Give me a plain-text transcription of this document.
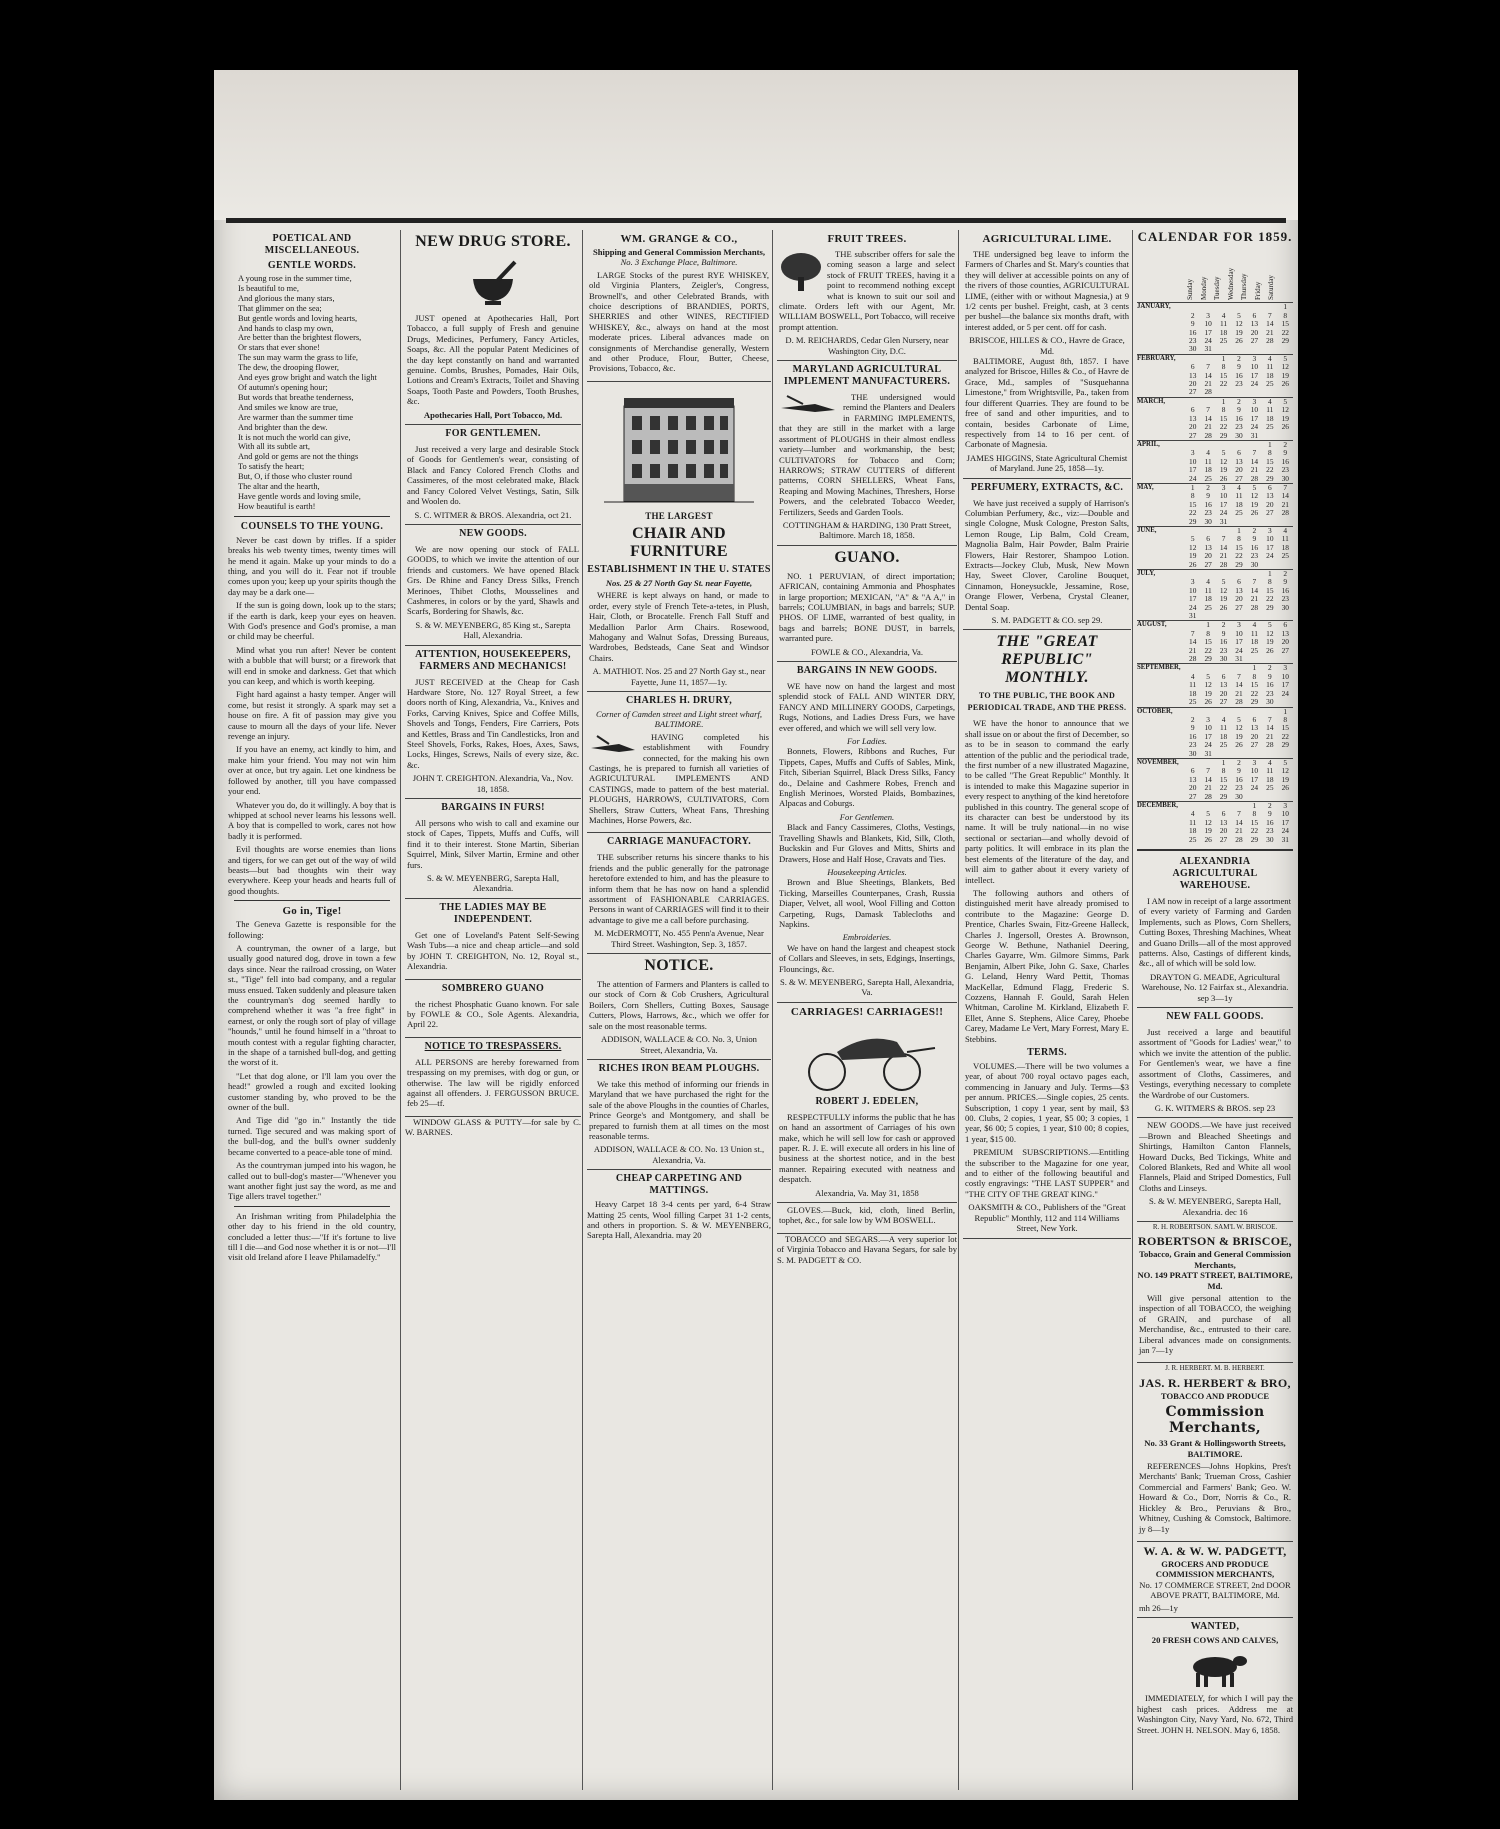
POETICAL AND MISCELLANEOUS.
GENTLE WORDS.
A young rose in the summer time,
Is beautiful to me,
And glorious the many stars,
That glimmer on the sea;
But gentle words and loving hearts,
And hands to clasp my own,
Are better than the brightest flowers,
Or stars that ever shone!
The sun may warm the grass to life,
The dew, the drooping flower,
And eyes grow bright and watch the light
Of autumn's opening hour;
But words that breathe tenderness,
And smiles we know are true,
Are warmer than the summer time
And brighter than the dew.
It is not much the world can give,
With all its subtle art,
And gold or gems are not the things
To satisfy the heart;
But, O, if those who cluster round
The altar and the hearth,
Have gentle words and loving smile,
How beautiful is earth!
COUNSELS TO THE YOUNG.

Never be cast down by trifles. If a spider breaks his web twenty times, twenty times will he mend it again. Make up your minds to do a thing, and you will do it. Fear not if trouble comes upon you; keep up your spirits though the day may be a dark one—

If the sun is going down, look up to the stars; if the earth is dark, keep your eyes on heaven. With God's presence and God's promise, a man or child may be cheerful.

Mind what you run after! Never be content with a bubble that will burst; or a firework that will end in smoke and darkness. Get that which you can keep, and which is worth keeping.

Fight hard against a hasty temper. Anger will come, but resist it strongly. A spark may set a house on fire. A fit of passion may give you cause to mourn all the days of your life. Never revenge an injury.

If you have an enemy, act kindly to him, and make him your friend. You may not win him over at once, but try again. Let one kindness be followed by another, till you have compassed your end.

Whatever you do, do it willingly. A boy that is whipped at school never learns his lessons well. A boy that is compelled to work, cares not how badly it is performed.

Evil thoughts are worse enemies than lions and tigers, for we can get out of the way of wild beasts—but bad thoughts win their way everywhere. Keep your heads and hearts full of good thoughts.

Go in, Tige!

The Geneva Gazette is responsible for the following:

A countryman, the owner of a large, but usually good natured dog, drove in town a few days since. Near the railroad crossing, on Water st., "Tige" fell into bad company, and a regular muss ensued. Taken suddenly and pleasure taken the countryman's dog seemed hardly to comprehend whether it was "a free fight" in earnest, or only the rough sort of play of village "hounds," until he found himself in a "throat to mouth contest with a regular fighting character, in the shape of a tarnished bull-dog, and getting the worst of it.

"Let that dog alone, or I'll lam you over the head!" growled a rough and excited looking customer standing by, who proved to be the owner of the bull.

And Tige did "go in." Instantly the tide turned. Tige secured and was making sport of the bull-dog, and the bull's owner suddenly became converted to a peace-able tone of mind.

As the countryman jumped into his wagon, he called out to bull-dog's master—"Whenever you want another fight just say the word, as me and Tige allers travel together."

An Irishman writing from Philadelphia the other day to his friend in the old country, concluded a letter thus:—"If it's fortune to live till I die—and God nose whether it is or not—I'll visit old Ireland afore I leave Philamadelfy."

NEW DRUG STORE.

JUST opened at Apothecaries Hall, Port Tobacco, a full supply of Fresh and genuine Drugs, Medicines, Perfumery, Fancy Articles, Soaps, &c. All the popular Patent Medicines of the day kept constantly on hand and warranted genuine. Combs, Brushes, Pomades, Hair Oils, Lotions and Cream's Extracts, Toilet and Shaving Soaps, Tooth Paste and Powders, Tooth Brushes, &c.

Apothecaries Hall, Port Tobacco, Md.
FOR GENTLEMEN.

Just received a very large and desirable Stock of Goods for Gentlemen's wear, consisting of Black and Fancy Colored French Cloths and Cassimeres, of the most celebrated make, Black and Fancy Colored Velvet Vestings, Satin, Silk and Woolen do.

S. C. WITMER & BROS. Alexandria, oct 21.
NEW GOODS.

We are now opening our stock of FALL GOODS, to which we invite the attention of our friends and customers. We have opened Black Grs. De Rhine and Fancy Dress Silks, French Merinoes, Thibet Cloths, Mousselines and Cashmeres, in colors or by the yard, Shawls and Scarfs, Bordering for Shawls, &c.

S. & W. MEYENBERG, 85 King st., Sarepta Hall, Alexandria.
ATTENTION, HOUSEKEEPERS, FARMERS AND MECHANICS!

JUST RECEIVED at the Cheap for Cash Hardware Store, No. 127 Royal Street, a few doors north of King, Alexandria, Va., Knives and Forks, Carving Knives, Spice and Coffee Mills, Shovels and Tongs, Fenders, Fire Carriers, Pots and Kettles, Brass and Tin Candlesticks, Iron and Steel Shovels, Forks, Rakes, Hoes, Axes, Saws, Locks, Hinges, Screws, Nails of every size, &c. &c.

JOHN T. CREIGHTON. Alexandria, Va., Nov. 18, 1858.
BARGAINS IN FURS!

All persons who wish to call and examine our stock of Capes, Tippets, Muffs and Cuffs, will find it to their interest. Stone Martin, Siberian Squirrel, Mink, Silver Martin, Ermine and other furs.

S. & W. MEYENBERG, Sarepta Hall, Alexandria.
THE LADIES MAY BE INDEPENDENT.

Get one of Loveland's Patent Self-Sewing Wash Tubs—a nice and cheap article—and sold by JOHN T. CREIGHTON, No. 12, Royal st., Alexandria.

SOMBRERO GUANO

the richest Phosphatic Guano known. For sale by FOWLE & CO., Sole Agents. Alexandria, April 22.

NOTICE TO TRESPASSERS.

ALL PERSONS are hereby forewarned from trespassing on my premises, with dog or gun, or otherwise. The law will be rigidly enforced against all offenders. J. FERGUSSON BRUCE. feb 25—tf.

WINDOW GLASS & PUTTY—for sale by C. W. BARNES.

WM. GRANGE & CO.,
Shipping and General Commission Merchants,
No. 3 Exchange Place, Baltimore.

LARGE Stocks of the purest RYE WHISKEY, old Virginia Planters, Zeigler's, Congress, Brownell's, and other Celebrated Brands, with choice descriptions of BRANDIES, PORTS, SHERRIES and other WINES, RECTIFIED WHISKEY, &c., always on hand at the most moderate prices. Liberal advances made on consignments of Merchandise generally, Western and other Produce, Flour, Butter, Cheese, Provisions, Tobacco, &c.

THE LARGEST
CHAIR AND FURNITURE
ESTABLISHMENT IN THE U. STATES
Nos. 25 & 27 North Gay St. near Fayette,

WHERE is kept always on hand, or made to order, every style of French Tete-a-tetes, in Plush, Hair, Cloth, or Brocatelle. French Fall Stuff and Medallion Parlor Arm Chairs. Rosewood, Mahogany and Walnut Sofas, Dressing Bureaus, Wardrobes, Bedsteads, Cane Seat and Windsor Chairs.

A. MATHIOT. Nos. 25 and 27 North Gay st., near Fayette, June 11, 1857—1y.
CHARLES H. DRURY,
Corner of Camden street and Light street wharf, BALTIMORE.

HAVING completed his establishment with Foundry connected, for the making his own Castings, he is prepared to furnish all varieties of AGRICULTURAL IMPLEMENTS AND CASTINGS, made to pattern of the best material. PLOUGHS, HARROWS, CULTIVATORS, Corn Shellers, Straw Cutters, Wheat Fans, Threshing Machines, Horse Powers, &c.

CARRIAGE MANUFACTORY.

THE subscriber returns his sincere thanks to his friends and the public generally for the patronage heretofore extended to him, and has the pleasure to inform them that he has now on hand a splendid assortment of FASHIONABLE CARRIAGES. Persons in want of CARRIAGES will find it to their advantage to give me a call before purchasing.

M. McDERMOTT, No. 455 Penn'a Avenue, Near Third Street. Washington, Sep. 3, 1857.
NOTICE.

The attention of Farmers and Planters is called to our stock of Corn & Cob Crushers, Agricultural Boilers, Corn Shellers, Cutting Boxes, Sausage Cutters, Plows, Harrows, &c., which we offer for sale on the most reasonable terms.

ADDISON, WALLACE & CO. No. 3, Union Street, Alexandria, Va.
RICHES IRON BEAM PLOUGHS.

We take this method of informing our friends in Maryland that we have purchased the right for the sale of the above Ploughs in the counties of Charles, Prince George's and Montgomery, and shall be prepared to furnish them at all times on the most reasonable terms.

ADDISON, WALLACE & CO. No. 13 Union st., Alexandria, Va.
CHEAP CARPETING AND MATTINGS.

Heavy Carpet 18 3-4 cents per yard, 6-4 Straw Matting 25 cents, Wool filling Carpet 31 1-2 cents, and others in proportion. S. & W. MEYENBERG, Sarepta Hall, Alexandria. may 20

FRUIT TREES.

THE subscriber offers for sale the coming season a large and select stock of FRUIT TREES, having it a point to recommend nothing except what is known to suit our soil and climate. Orders left with our Agent, Mr. WILLIAM BOSWELL, Port Tobacco, will receive prompt attention.

D. M. REICHARDS, Cedar Glen Nursery, near Washington City, D.C.
MARYLAND AGRICULTURAL IMPLEMENT MANUFACTURERS.

THE undersigned would remind the Planters and Dealers in FARMING IMPLEMENTS, that they are still in the market with a large assortment of PLOUGHS in their almost endless variety—lumber and workmanship, the best; CULTIVATORS for Tobacco and Corn; HARROWS; STRAW CUTTERS of different patterns, CORN SHELLERS, Wheat Fans, Reaping and Mowing Machines, Threshers, Horse Powers, and the celebrated Tobacco Weeder, Fertilizers, Seeds and Garden Tools.

COTTINGHAM & HARDING, 130 Pratt Street, Baltimore. March 18, 1858.
GUANO.

NO. 1 PERUVIAN, of direct importation; AFRICAN, containing Ammonia and Phosphates in large proportion; MEXICAN, "A" & "A A," in barrels; COLUMBIAN, in bags and barrels; SUP. PHOS. OF LIME, warranted of best quality, in bags and barrels; BONE DUST, in barrels, warranted pure.

FOWLE & CO., Alexandria, Va.
BARGAINS IN NEW GOODS.

WE have now on hand the largest and most splendid stock of FALL AND WINTER DRY, FANCY AND MILLINERY GOODS, Carpetings, Rugs, Notions, and Ladies Dress Furs, we have ever offered, and which we will sell very low.

For Ladies.

Bonnets, Flowers, Ribbons and Ruches, Fur Tippets, Capes, Muffs and Cuffs of Sables, Mink, Fitch, Siberian Squirrel, Black Dress Silks, Fancy do., Delaine and Cashmere Robes, French and English Merinoes, Worsted Plaids, Bombazines, Alpacas and Coburgs.

For Gentlemen.

Black and Fancy Cassimeres, Cloths, Vestings, Travelling Shawls and Blankets, Kid, Silk, Cloth, Buckskin and Fur Gloves and Mitts, Shirts and Drawers, Hose and Half Hose, Cravats and Ties.

Housekeeping Articles.

Brown and Blue Sheetings, Blankets, Bed Ticking, Marseilles Counterpanes, Crash, Russia Diaper, Velvet, all wool, Wool Filling and Cotton Carpeting, Rugs, Damask Tablecloths and Napkins.

Embroideries.

We have on hand the largest and cheapest stock of Collars and Sleeves, in sets, Edgings, Insertings, Flouncings, &c.

S. & W. MEYENBERG, Sarepta Hall, Alexandria, Va.
CARRIAGES! CARRIAGES!!
ROBERT J. EDELEN,

RESPECTFULLY informs the public that he has on hand an assortment of Carriages of his own make, which he will sell low for cash or approved paper. R. J. E. will execute all orders in his line of business at the shortest notice, and in the best manner. Repairing executed with neatness and despatch.

Alexandria, Va. May 31, 1858

GLOVES.—Buck, kid, cloth, lined Berlin, tophet, &c., for sale low by WM BOSWELL.

TOBACCO and SEGARS.—A very superior lot of Virginia Tobacco and Havana Segars, for sale by S. M. PADGETT & CO.

AGRICULTURAL LIME.

THE undersigned beg leave to inform the Farmers of Charles and St. Mary's counties that they will deliver at accessible points on any of the rivers of those counties, AGRICULTURAL LIME, (either with or without Magnesia,) at 9 1/2 cents per bushel. Freight, cash, at 3 cents per bushel—the balance six months draft, with interest added, or 5 per cent. off for cash.

BRISCOE, HILLES & CO., Havre de Grace, Md.

BALTIMORE, August 8th, 1857. I have analyzed for Briscoe, Hilles & Co., of Havre de Grace, Md., samples of "Susquehanna Limestone," from Wrightsville, Pa., taken from four different Quarries. They are found to be free of sand and other impurities, and to contain, besides Carbonate of Lime, respectively from 14 to 16 per cent. of Carbonate of Magnesia.

JAMES HIGGINS, State Agricultural Chemist of Maryland. June 25, 1858—1y.
PERFUMERY, EXTRACTS, &C.

We have just received a supply of Harrison's Columbian Perfumery, &c., viz:—Double and single Cologne, Musk Cologne, Preston Salts, Lemon Rouge, Lip Balm, Cold Cream, Magnolia Balm, Hair Powder, Balm Prairie Flowers, Hair Restorer, Shampoo Lotion. Extracts—Jockey Club, Musk, New Mown Hay, Sweet Clover, Caroline Bouquet, Cinnamon, Honeysuckle, Jessamine, Rose, Orange Flower, Verbena, Crystal Cleaner, Dental Soap.

S. M. PADGETT & CO. sep 29.
THE "GREAT REPUBLIC" MONTHLY.
TO THE PUBLIC, THE BOOK AND PERIODICAL TRADE, AND THE PRESS.

WE have the honor to announce that we shall issue on or about the first of December, so as to be in season to command the early attention of the public and the periodical trade, the first number of a new illustrated Magazine, to be called "The Great Republic" Monthly. It is intended to make this Magazine superior in every respect to anything of the kind heretofore published in this country. The general scope of its character can best be understood by its name. It will be truly national—in no wise sectional or sectarian—and wholly devoid of party politics. It will embrace in its plan the best elements of the literature of the day, and will aim to gather about it every variety of intellect.

The following authors and others of distinguished merit have already promised to contribute to the Magazine: George D. Prentice, Charles Swain, Fitz-Greene Halleck, Charles J. Ingersoll, Orestes A. Brownson, George W. Bethune, Nathaniel Deering, Charles Gayarre, Wm. Gilmore Simms, Park Benjamin, Albert Pike, John G. Saxe, Charles G. Leland, Henry Ward Pettit, Thomas MacKellar, Edmund Flagg, Frederic S. Cozzens, Hannah F. Gould, Sarah Helen Whitman, Caroline M. Kirkland, Elizabeth F. Ellet, Anne S. Stephens, Alice Carey, Phoebe Carey, Madame Le Vert, Mary Forrest, Mary E. Stebbins.

TERMS.

VOLUMES.—There will be two volumes a year, of about 700 royal octavo pages each, commencing in January and July. Terms—$3 per annum. PRICES.—Single copies, 25 cents. Subscription, 1 copy 1 year, sent by mail, $3 00. Clubs, 2 copies, 1 year, $5 00; 3 copies, 1 year, $6 00; 5 copies, 1 year, $10 00; 8 copies, 1 year, $15 00.

PREMIUM SUBSCRIPTIONS.—Entitling the subscriber to the Magazine for one year, and to either of the following beautiful and costly engravings: "THE LAST SUPPER" and "THE CITY OF THE GREAT KING."

OAKSMITH & CO., Publishers of the "Great Republic" Monthly, 112 and 114 Williams Street, New York.
CALENDAR FOR 1859.
Sunday Monday Tuesday Wednesday Thursday Friday Saturday
JANUARY,							1
	2	3	4	5	6	7	8
	9	10	11	12	13	14	15
	16	17	18	19	20	21	22
	23	24	25	26	27	28	29
	30	31					
FEBRUARY,			1	2	3	4	5
	6	7	8	9	10	11	12
	13	14	15	16	17	18	19
	20	21	22	23	24	25	26
	27	28					
MARCH,			1	2	3	4	5
	6	7	8	9	10	11	12
	13	14	15	16	17	18	19
	20	21	22	23	24	25	26
	27	28	29	30	31		
APRIL,						1	2
	3	4	5	6	7	8	9
	10	11	12	13	14	15	16
	17	18	19	20	21	22	23
	24	25	26	27	28	29	30
MAY,	1	2	3	4	5	6	7
	8	9	10	11	12	13	14
	15	16	17	18	19	20	21
	22	23	24	25	26	27	28
	29	30	31				
JUNE,				1	2	3	4
	5	6	7	8	9	10	11
	12	13	14	15	16	17	18
	19	20	21	22	23	24	25
	26	27	28	29	30		
JULY,						1	2
	3	4	5	6	7	8	9
	10	11	12	13	14	15	16
	17	18	19	20	21	22	23
	24	25	26	27	28	29	30
	31						
AUGUST,		1	2	3	4	5	6
	7	8	9	10	11	12	13
	14	15	16	17	18	19	20
	21	22	23	24	25	26	27
	28	29	30	31			
SEPTEMBER,					1	2	3
	4	5	6	7	8	9	10
	11	12	13	14	15	16	17
	18	19	20	21	22	23	24
	25	26	27	28	29	30	
OCTOBER,							1
	2	3	4	5	6	7	8
	9	10	11	12	13	14	15
	16	17	18	19	20	21	22
	23	24	25	26	27	28	29
	30	31					
NOVEMBER,			1	2	3	4	5
	6	7	8	9	10	11	12
	13	14	15	16	17	18	19
	20	21	22	23	24	25	26
	27	28	29	30			
DECEMBER,					1	2	3
	4	5	6	7	8	9	10
	11	12	13	14	15	16	17
	18	19	20	21	22	23	24
	25	26	27	28	29	30	31
ALEXANDRIA AGRICULTURAL WAREHOUSE.

I AM now in receipt of a large assortment of every variety of Farming and Garden Implements, such as Plows, Corn Shellers, Cutting Boxes, Threshing Machines, Wheat and Guano Drills—all of the most approved patterns. Also, Castings of different kinds, &c., all of which will be sold low.

DRAYTON G. MEADE, Agricultural Warehouse, No. 12 Fairfax st., Alexandria. sep 3—1y
NEW FALL GOODS.

Just received a large and beautiful assortment of "Goods for Ladies' wear," to which we invite the attention of the public. For Gentlemen's wear, we have a fine assortment of Cloths, Cassimeres, and Vestings, everything necessary to complete the Wardrobe of our Customers.

G. K. WITMERS & BROS. sep 23

NEW GOODS.—We have just received—Brown and Bleached Sheetings and Shirtings, Hamilton Canton Flannels, Howard Ducks, Bed Tickings, White and Colored Blankets, Red and White all wool Flannels, Plaid and Striped Domestics, Full Cloths and Linseys.

S. & W. MEYENBERG, Sarepta Hall, Alexandria. dec 16
R. H. ROBERTSON. SAM'L W. BRISCOE.
ROBERTSON & BRISCOE,
Tobacco, Grain and General Commission Merchants,
NO. 149 PRATT STREET, BALTIMORE, Md.

Will give personal attention to the inspection of all TOBACCO, the weighing of GRAIN, and purchase of all Merchandise, &c., entrusted to their care. Liberal advances made on consignments. jan 7—1y

J. R. HERBERT. M. B. HERBERT.
JAS. R. HERBERT & BRO,
TOBACCO AND PRODUCE
Commission Merchants,
No. 33 Grant & Hollingsworth Streets, BALTIMORE.

REFERENCES—Johns Hopkins, Pres't Merchants' Bank; Trueman Cross, Cashier Commercial and Farmers' Bank; Geo. W. Howard & Co., Dorr, Norris & Co., R. Hickley & Bro., Peruvians & Bro., Whitney, Cushing & Comstock, Baltimore. jy 8—1y

W. A. & W. W. PADGETT,
GROCERS AND PRODUCE COMMISSION MERCHANTS,
No. 17 COMMERCE STREET, 2nd DOOR ABOVE PRATT, BALTIMORE, Md.
mh 26—1y
WANTED,
20 FRESH COWS AND CALVES,

IMMEDIATELY, for which I will pay the highest cash prices. Address me at Washington City, Navy Yard, No. 672, Third Street. JOHN H. NELSON. May 6, 1858.
